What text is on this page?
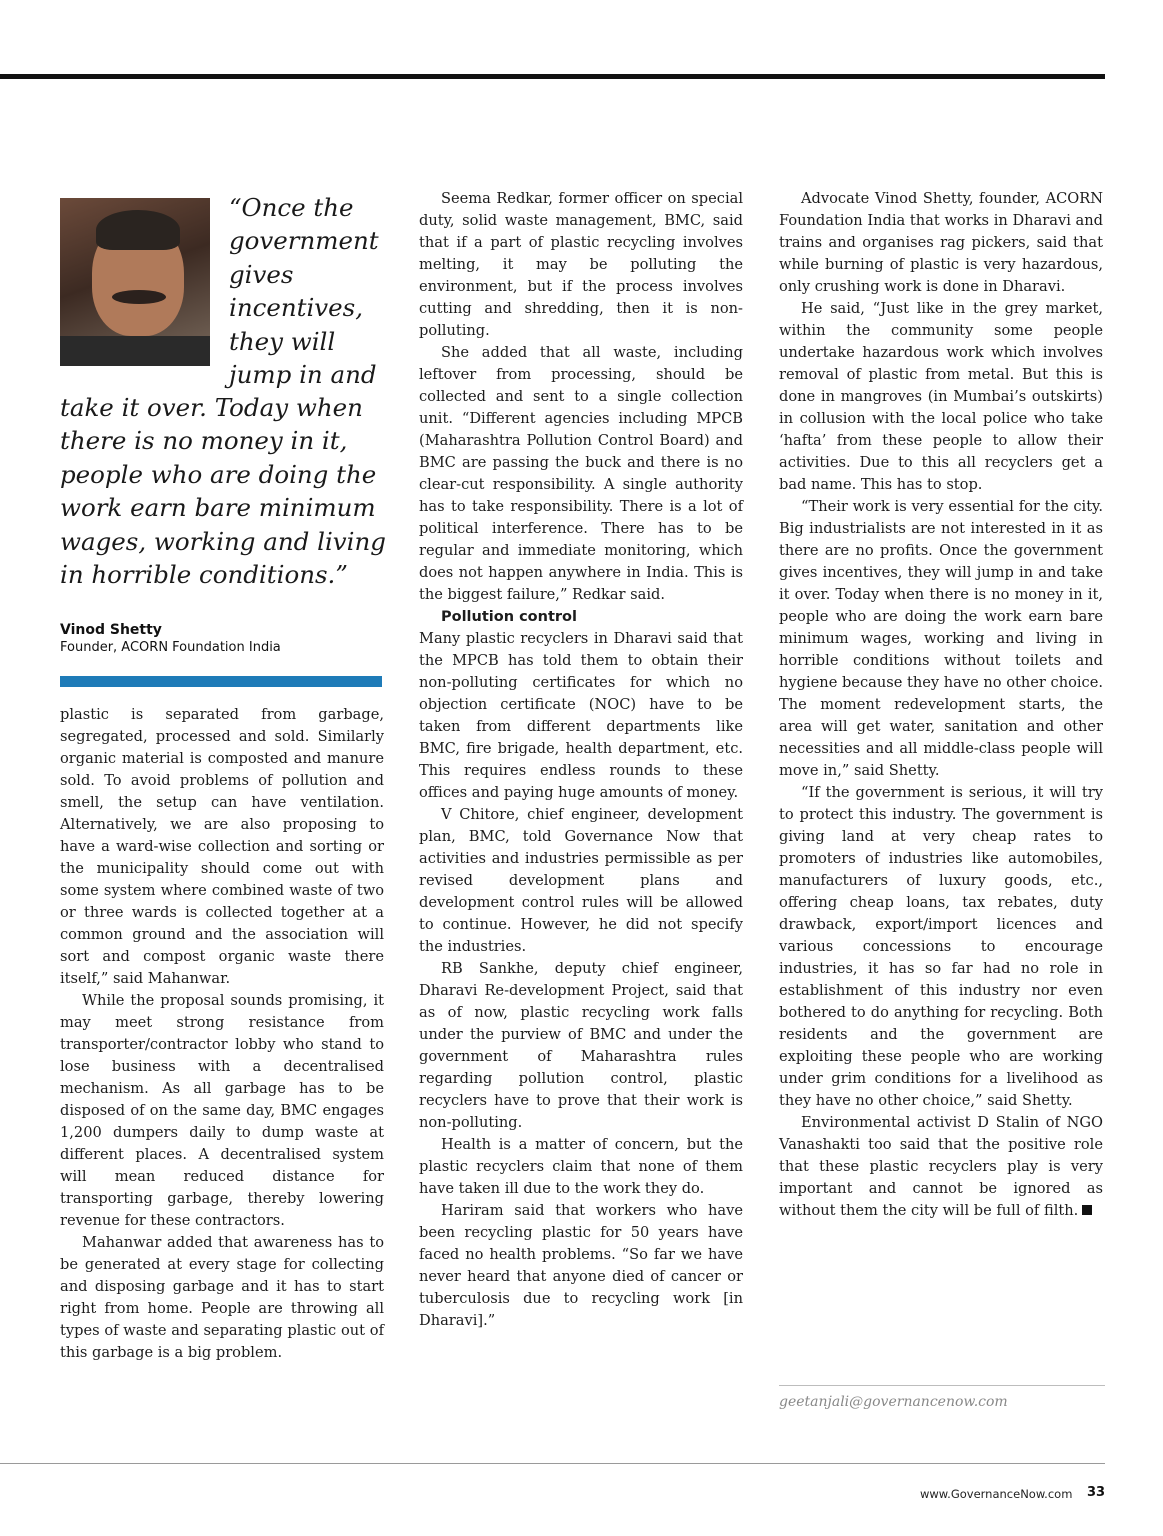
“Once the
government
gives
incentives,
they will
jump in and
take it over. Today when
there is no money in it,
people who are doing the
work earn bare minimum
wages, working and living
in horrible conditions.”
Vinod Shetty
Founder, ACORN Foundation India

plastic is separated from garbage, segregated, processed and sold. Similarly organic material is composted and manure sold. To avoid problems of pollution and smell, the setup can have ventilation. Alternatively, we are also proposing to have a ward-wise collection and sorting or the municipality should come out with some system where combined waste of two or three wards is collected together at a common ground and the association will sort and compost organic waste there itself,” said Mahanwar.

While the proposal sounds promising, it may meet strong resistance from transporter/contractor lobby who stand to lose business with a decentralised mechanism. As all garbage has to be disposed of on the same day, BMC engages 1,200 dumpers daily to dump waste at different places. A decentralised system will mean reduced distance for transporting garbage, thereby lowering revenue for these contractors.

Mahanwar added that awareness has to be generated at every stage for collecting and disposing garbage and it has to start right from home. People are throwing all types of waste and separating plastic out of this garbage is a big problem.

Seema Redkar, former officer on special duty, solid waste management, BMC, said that if a part of plastic recycling involves melting, it may be polluting the environment, but if the process involves cutting and shredding, then it is non-polluting.

She added that all waste, including leftover from processing, should be collected and sent to a single collection unit. “Different agencies including MPCB (Maharashtra Pollution Control Board) and BMC are passing the buck and there is no clear-cut responsibility. A single authority has to take responsibility. There is a lot of political interference. There has to be regular and immediate monitoring, which does not happen anywhere in India. This is the biggest failure,” Redkar said.

Pollution control

Many plastic recyclers in Dharavi said that the MPCB has told them to obtain their non-polluting certificates for which no objection certificate (NOC) have to be taken from different departments like BMC, fire brigade, health department, etc. This requires endless rounds to these offices and paying huge amounts of money.

V Chitore, chief engineer, development plan, BMC, told Governance Now that activities and industries permissible as per revised development plans and development control rules will be allowed to continue. However, he did not specify the industries.

RB Sankhe, deputy chief engineer, Dharavi Re-development Project, said that as of now, plastic recycling work falls under the purview of BMC and under the government of Maharashtra rules regarding pollution control, plastic recyclers have to prove that their work is non-polluting.

Health is a matter of concern, but the plastic recyclers claim that none of them have taken ill due to the work they do.

Hariram said that workers who have been recycling plastic for 50 years have faced no health problems. “So far we have never heard that anyone died of cancer or tuberculosis due to recycling work [in Dharavi].”

Advocate Vinod Shetty, founder, ACORN Foundation India that works in Dharavi and trains and organises rag pickers, said that while burning of plastic is very hazardous, only crushing work is done in Dharavi.

He said, “Just like in the grey market, within the community some people undertake hazardous work which involves removal of plastic from metal. But this is done in mangroves (in Mumbai’s outskirts) in collusion with the local police who take ‘hafta’ from these people to allow their activities. Due to this all recyclers get a bad name. This has to stop.

“Their work is very essential for the city. Big industrialists are not interested in it as there are no profits. Once the government gives incentives, they will jump in and take it over. Today when there is no money in it, people who are doing the work earn bare minimum wages, working and living in horrible conditions without toilets and hygiene because they have no other choice. The moment redevelopment starts, the area will get water, sanitation and other necessities and all middle-class people will move in,” said Shetty.

“If the government is serious, it will try to protect this industry. The government is giving land at very cheap rates to promoters of industries like automobiles, manufacturers of luxury goods, etc., offering cheap loans, tax rebates, duty drawback, export/import licences and various concessions to encourage industries, it has so far had no role in establishment of this industry nor even bothered to do anything for recycling. Both residents and the government are exploiting these people who are working under grim conditions for a livelihood as they have no other choice,” said Shetty.

Environmental activist D Stalin of NGO Vanashakti too said that the positive role that these plastic recyclers play is very important and cannot be ignored as without them the city will be full of filth.

geetanjali@governancenow.com
www.GovernanceNow.com 33
